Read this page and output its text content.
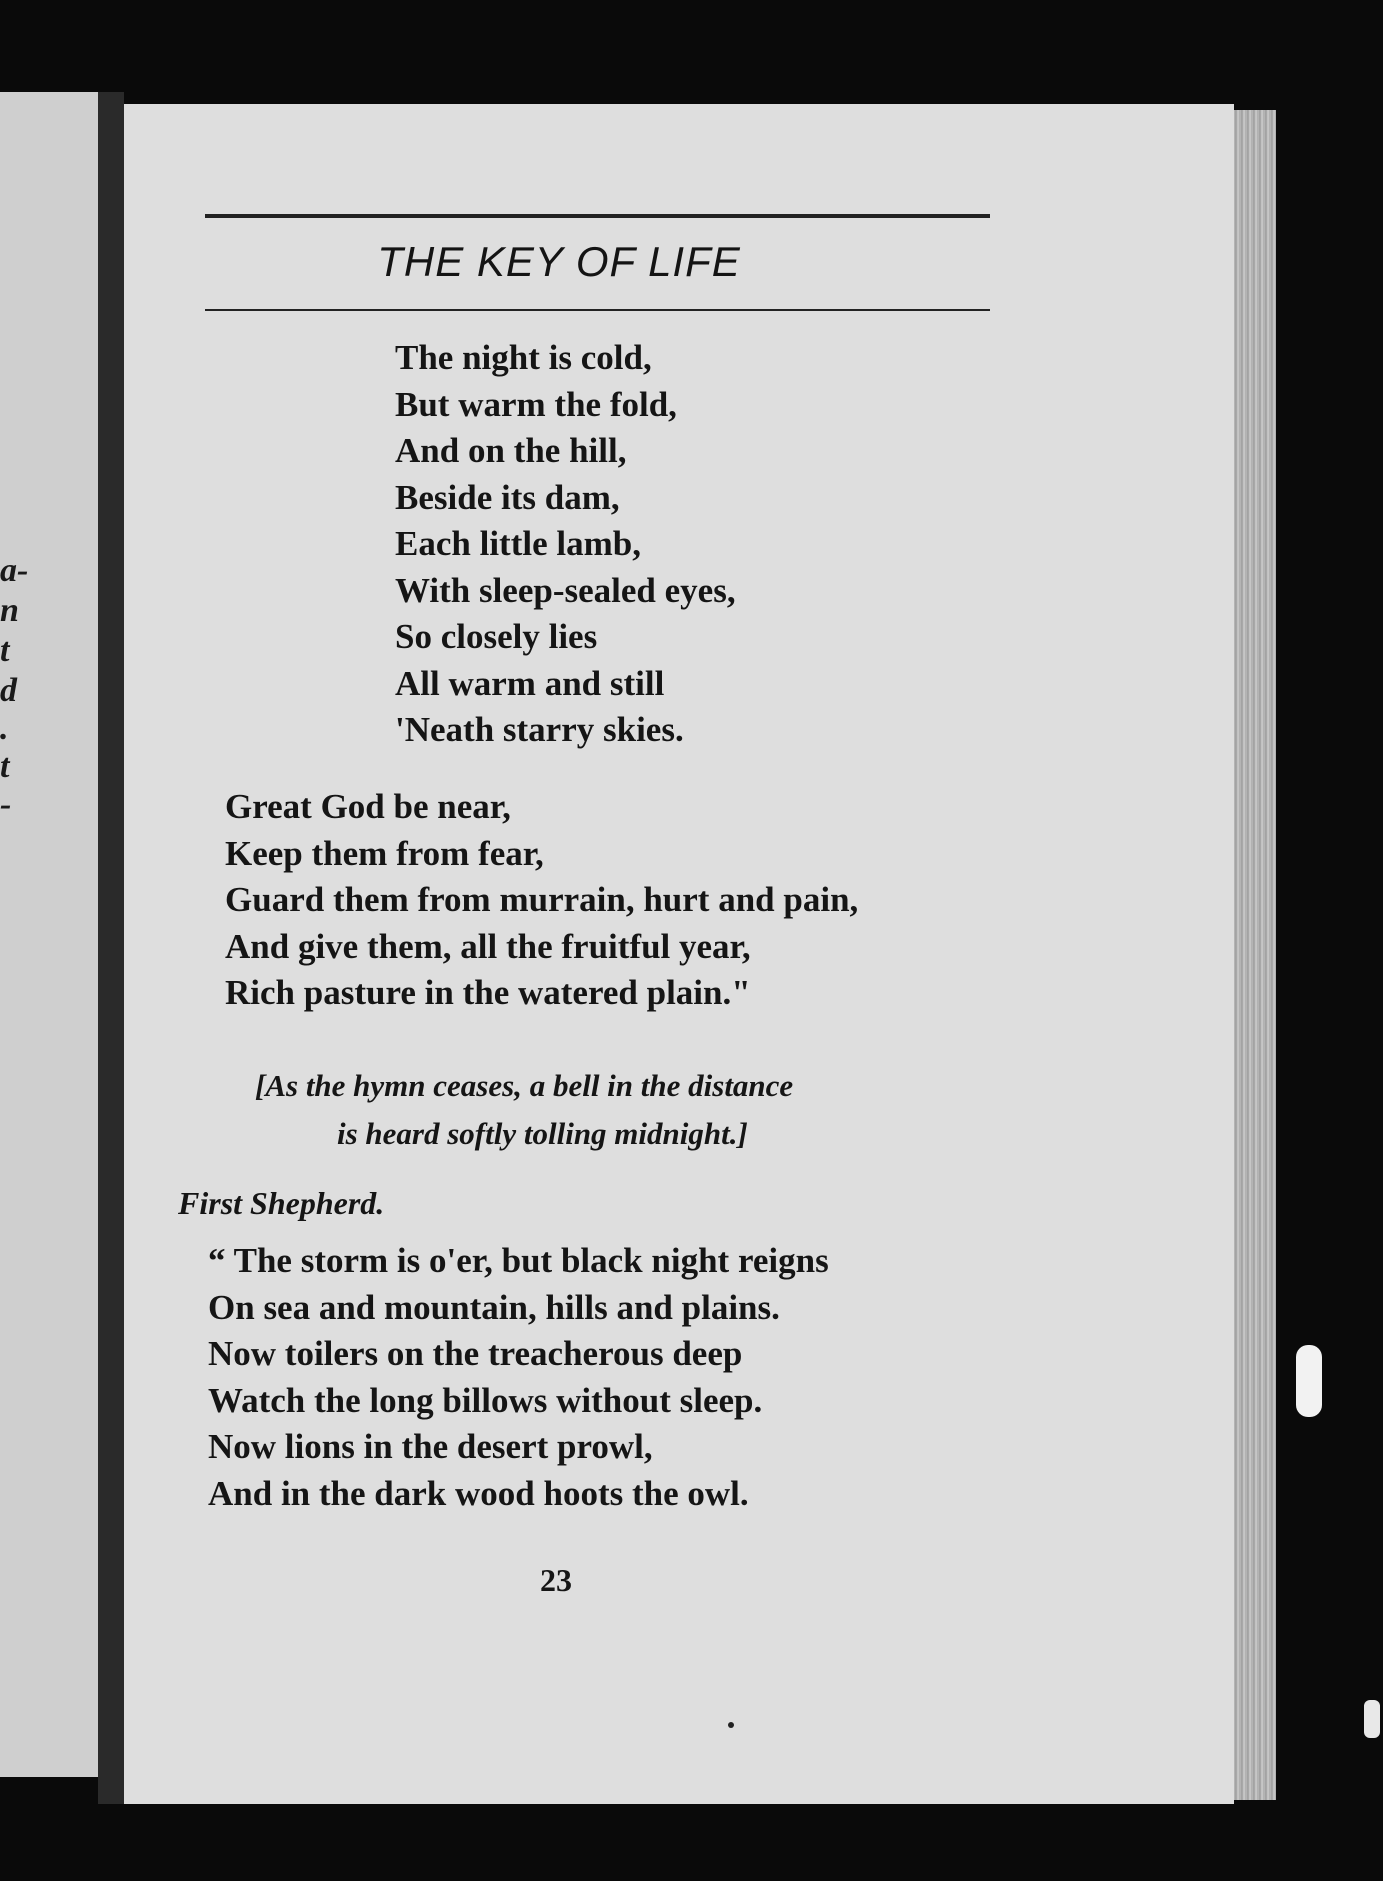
a-
n
t
d
.
t
-
THE KEY OF LIFE
The night is cold,
But warm the fold,
And on the hill,
Beside its dam,
Each little lamb,
With sleep-sealed eyes,
So closely lies
All warm and still
'Neath starry skies.
Great God be near,
Keep them from fear,
Guard them from murrain, hurt and pain,
And give them, all the fruitful year,
Rich pasture in the watered plain."
[As the hymn ceases, a bell in the distance
is heard softly tolling midnight.]
First Shepherd.
“ The storm is o'er, but black night reigns
On sea and mountain, hills and plains.
Now toilers on the treacherous deep
Watch the long billows without sleep.
Now lions in the desert prowl,
And in the dark wood hoots the owl.
23
